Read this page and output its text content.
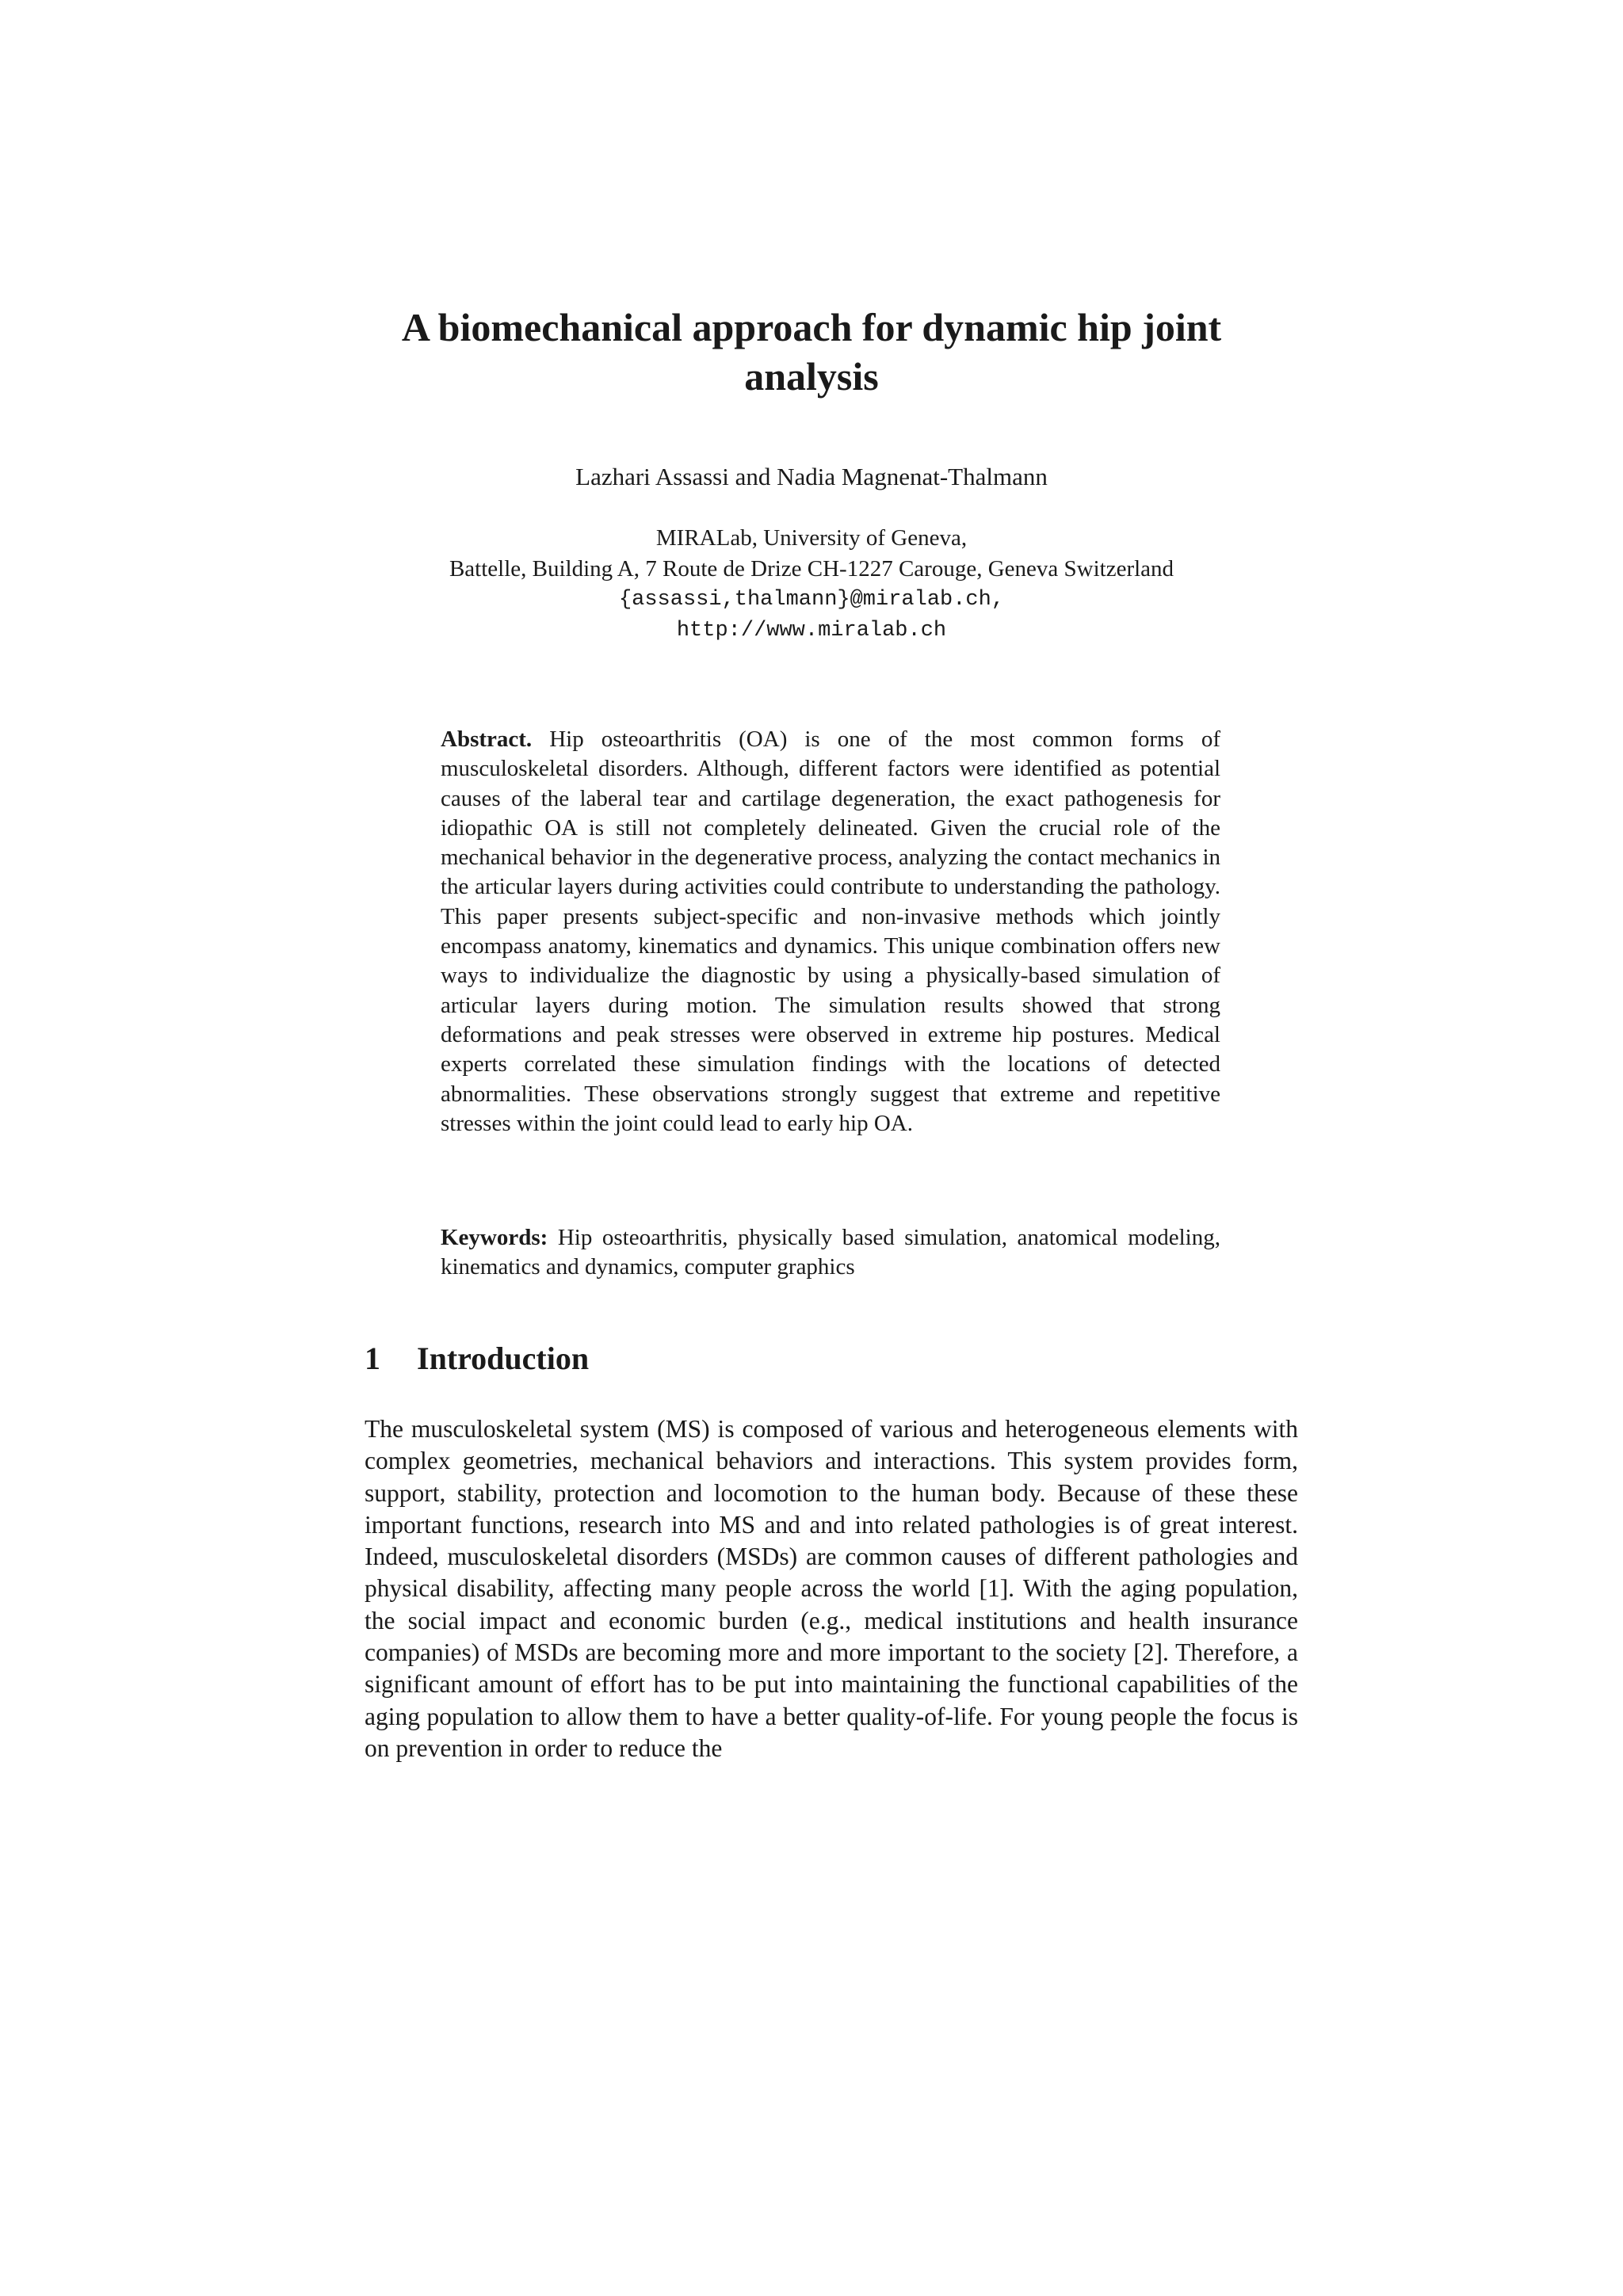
A biomechanical approach for dynamic hip joint analysis

Lazhari Assassi and Nadia Magnenat-Thalmann

MIRALab, University of Geneva,
Battelle, Building A, 7 Route de Drize CH-1227 Carouge, Geneva Switzerland
{assassi,thalmann}@miralab.ch,
http://www.miralab.ch

Abstract. Hip osteoarthritis (OA) is one of the most common forms of musculoskeletal disorders. Although, different factors were identified as potential causes of the laberal tear and cartilage degeneration, the exact pathogenesis for idiopathic OA is still not completely delineated. Given the crucial role of the mechanical behavior in the degenerative process, analyzing the contact mechanics in the articular layers during activities could contribute to understanding the pathology. This paper presents subject-specific and non-invasive methods which jointly encompass anatomy, kinematics and dynamics. This unique combination offers new ways to individualize the diagnostic by using a physically-based simulation of articular layers during motion. The simulation results showed that strong deformations and peak stresses were observed in extreme hip postures. Medical experts correlated these simulation findings with the locations of detected abnormalities. These observations strongly suggest that extreme and repetitive stresses within the joint could lead to early hip OA.

Keywords: Hip osteoarthritis, physically based simulation, anatomical modeling, kinematics and dynamics, computer graphics

1 Introduction

The musculoskeletal system (MS) is composed of various and heterogeneous elements with complex geometries, mechanical behaviors and interactions. This system provides form, support, stability, protection and locomotion to the human body. Because of these these important functions, research into MS and and into related pathologies is of great interest. Indeed, musculoskeletal disorders (MSDs) are common causes of different pathologies and physical disability, affecting many people across the world [1]. With the aging population, the social impact and economic burden (e.g., medical institutions and health insurance companies) of MSDs are becoming more and more important to the society [2]. Therefore, a significant amount of effort has to be put into maintaining the functional capabilities of the aging population to allow them to have a better quality-of-life. For young people the focus is on prevention in order to reduce the
